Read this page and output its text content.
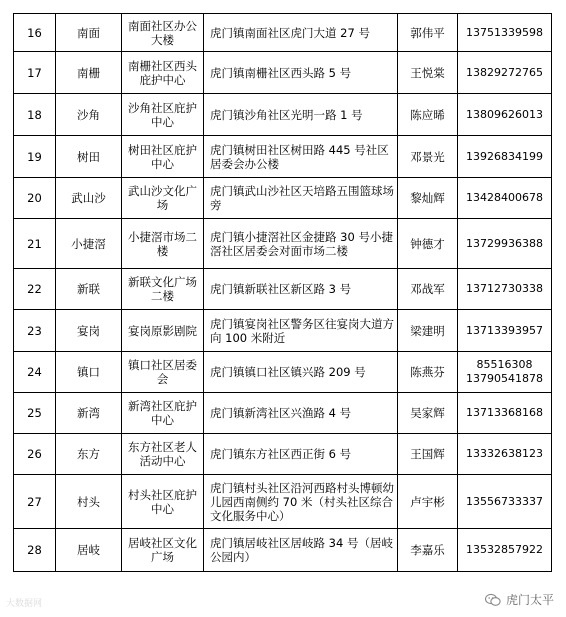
16	南面	南面社区办公大楼	虎门镇南面社区虎门大道 27 号	郭伟平	13751339598
17	南栅	南栅社区西头庇护中心	虎门镇南栅社区西头路 5 号	王悦棠	13829272765
18	沙角	沙角社区庇护中心	虎门镇沙角社区光明一路 1 号	陈应晞	13809626013
19	树田	树田社区庇护中心	虎门镇树田社区树田路 445 号社区居委会办公楼	邓景光	13926834199
20	武山沙	武山沙文化广场	虎门镇武山沙社区天培路五围篮球场旁	黎灿辉	13428400678
21	小捷滘	小捷滘市场二楼	虎门镇小捷滘社区金捷路 30 号小捷滘社区居委会对面市场二楼	钟德才	13729936388
22	新联	新联文化广场二楼	虎门镇新联社区新区路 3 号	邓战军	13712730338
23	宴岗	宴岗原影剧院	虎门镇宴岗社区警务区往宴岗大道方向 100 米附近	梁建明	13713393957
24	镇口	镇口社区居委会	虎门镇镇口社区镇兴路 209 号	陈燕芬	85516308 13790541878
25	新湾	新湾社区庇护中心	虎门镇新湾社区兴渔路 4 号	吴家辉	13713368168
26	东方	东方社区老人活动中心	虎门镇东方社区西正街 6 号	王国辉	13332638123
27	村头	村头社区庇护中心	虎门镇村头社区沿河西路村头博顿幼儿园西南侧约 70 米（村头社区综合文化服务中心）	卢宇彬	13556733337
28	居岐	居岐社区文化广场	虎门镇居岐社区居岐路 34 号（居岐公园内）	李嘉乐	13532857922
大数据网	虎门太平
